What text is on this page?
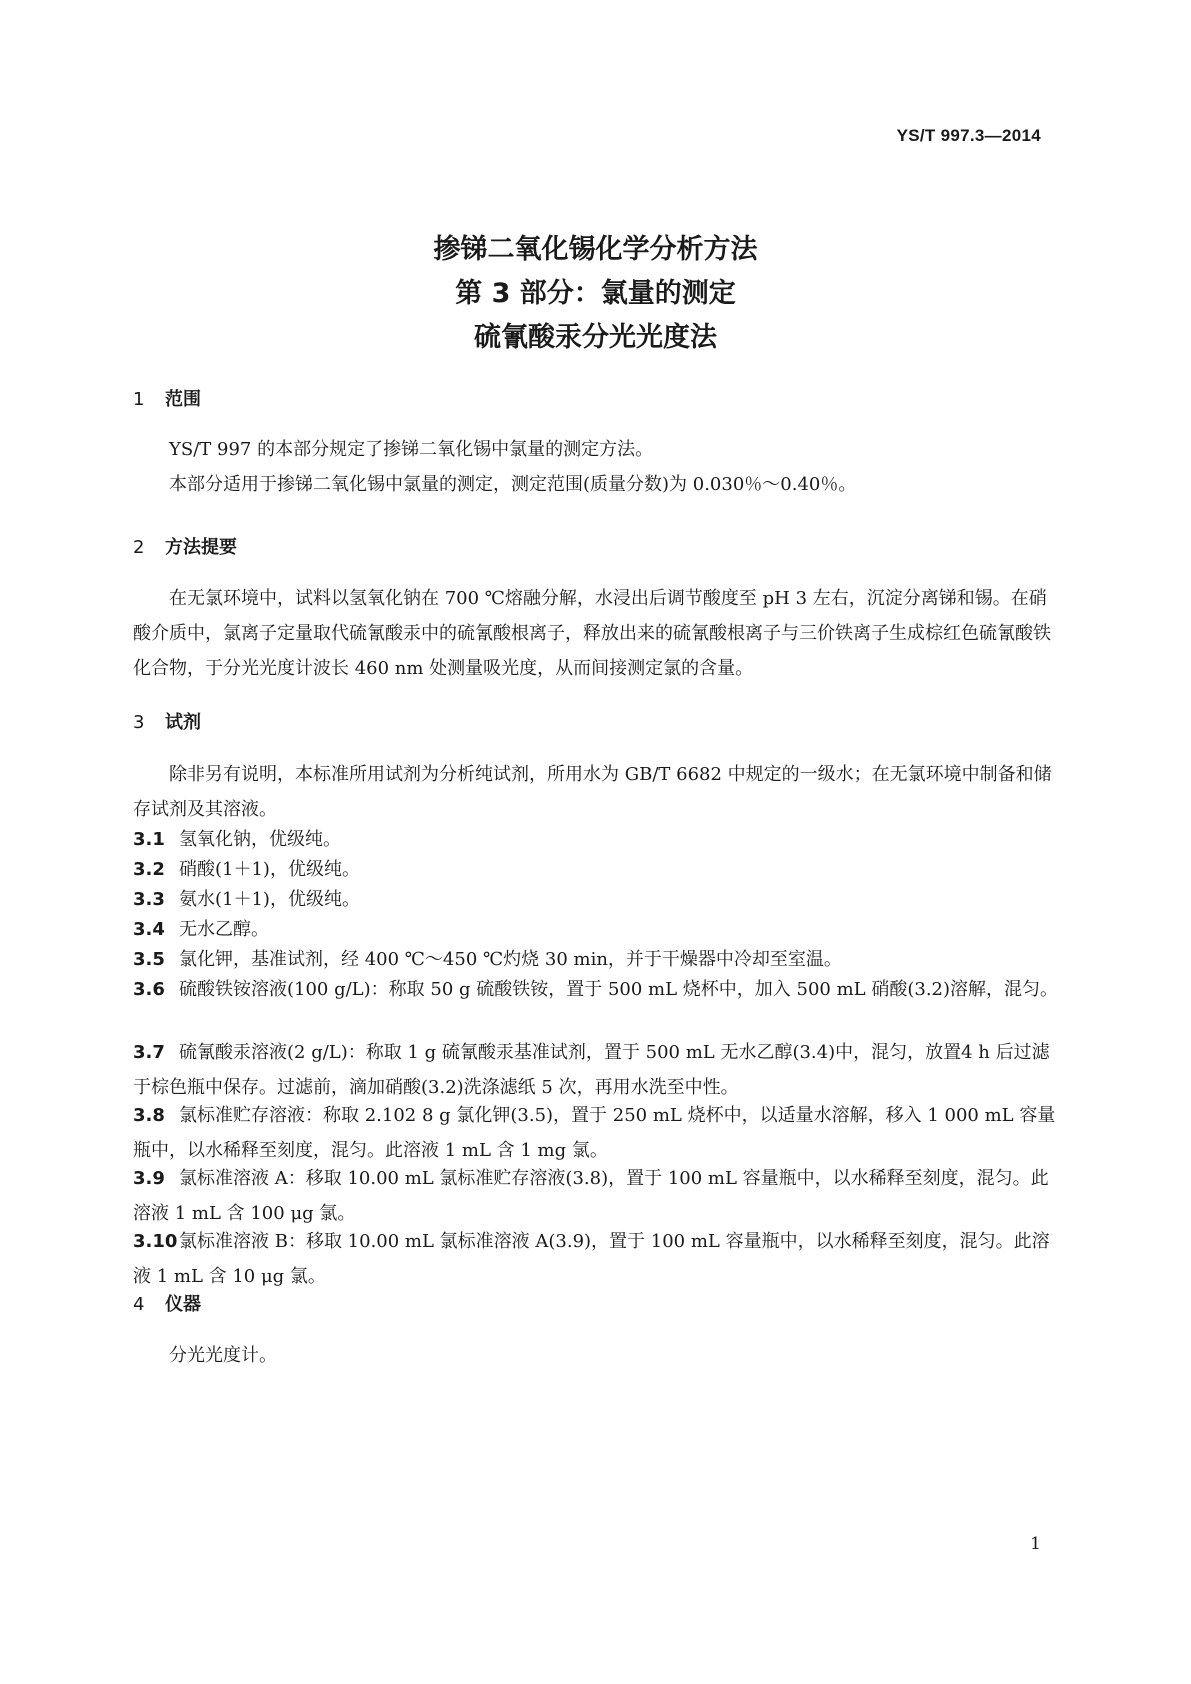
YS/T 997.3—2014
掺锑二氧化锡化学分析方法
第 3 部分：氯量的测定
硫氰酸汞分光光度法
1 范围
YS/T 997 的本部分规定了掺锑二氧化锡中氯量的测定方法。
本部分适用于掺锑二氧化锡中氯量的测定，测定范围(质量分数)为 0.030％～0.40％。
2 方法提要
在无氯环境中，试料以氢氧化钠在 700 ℃熔融分解，水浸出后调节酸度至 pH 3 左右，沉淀分离锑和锡。在硝酸介质中，氯离子定量取代硫氰酸汞中的硫氰酸根离子，释放出来的硫氰酸根离子与三价铁离子生成棕红色硫氰酸铁化合物，于分光光度计波长 460 nm 处测量吸光度，从而间接测定氯的含量。
3 试剂
除非另有说明，本标准所用试剂为分析纯试剂，所用水为 GB/T 6682 中规定的一级水；在无氯环境中制备和储存试剂及其溶液。
3.1 氢氧化钠，优级纯。
3.2 硝酸(1＋1)，优级纯。
3.3 氨水(1＋1)，优级纯。
3.4 无水乙醇。
3.5 氯化钾，基准试剂，经 400 ℃～450 ℃灼烧 30 min，并于干燥器中冷却至室温。
3.6 硫酸铁铵溶液(100 g/L)：称取 50 g 硫酸铁铵，置于 500 mL 烧杯中，加入 500 mL 硝酸(3.2)溶解，混匀。
3.7 硫氰酸汞溶液(2 g/L)：称取 1 g 硫氰酸汞基准试剂，置于 500 mL 无水乙醇(3.4)中，混匀，放置4 h 后过滤于棕色瓶中保存。过滤前，滴加硝酸(3.2)洗涤滤纸 5 次，再用水洗至中性。
3.8 氯标准贮存溶液：称取 2.102 8 g 氯化钾(3.5)，置于 250 mL 烧杯中，以适量水溶解，移入 1 000 mL 容量瓶中，以水稀释至刻度，混匀。此溶液 1 mL 含 1 mg 氯。
3.9 氯标准溶液 A：移取 10.00 mL 氯标准贮存溶液(3.8)，置于 100 mL 容量瓶中，以水稀释至刻度，混匀。此溶液 1 mL 含 100 μg 氯。
3.10氯标准溶液 B：移取 10.00 mL 氯标准溶液 A(3.9)，置于 100 mL 容量瓶中，以水稀释至刻度，混匀。此溶液 1 mL 含 10 μg 氯。
4 仪器
分光光度计。
1
